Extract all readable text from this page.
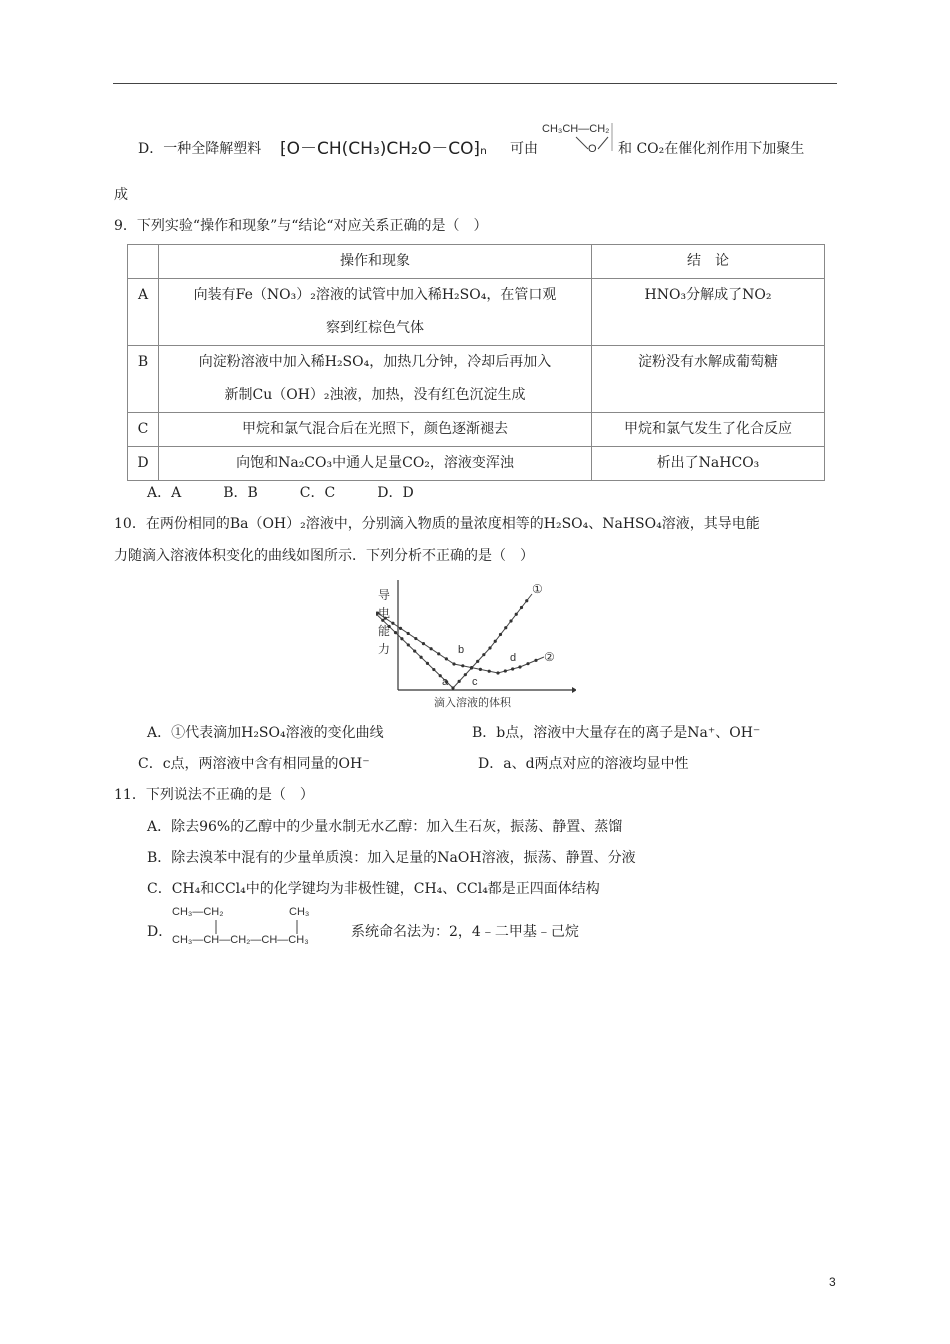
D．一种全降解塑料 ⁅O－CH(CH₃)CH₂O－CO⁆ₙ 可由
CH₃CH—CH₂
O 和 CO₂在催化剂作用下加聚生
成
9．下列实验“操作和现象”与“结论“对应关系正确的是（　）
	操作和现象	结　论
A	向装有Fe（NO₃）₂溶液的试管中加入稀H₂SO₄，在管口观
察到红棕色气体	HNO₃分解成了NO₂
B	向淀粉溶液中加入稀H₂SO₄，加热几分钟，冷却后再加入
新制Cu（OH）₂浊液，加热，没有红色沉淀生成	淀粉没有水解成葡萄糖
C	甲烷和氯气混合后在光照下，颜色逐渐褪去	甲烷和氯气发生了化合反应
D	向饱和Na₂CO₃中通人足量CO₂，溶液变浑浊	析出了NaHCO₃
A．A　　　B．B　　　C．C　　　D．D
10．在两份相同的Ba（OH）₂溶液中，分别滴入物质的量浓度相等的H₂SO₄、NaHSO₄溶液，其导电能
力随滴入溶液体积变化的曲线如图所示．下列分析不正确的是（　）
导
电
能
力
滴入溶液的体积
①
②
a
b
c
d
A．①代表滴加H₂SO₄溶液的变化曲线	B．b点，溶液中大量存在的离子是Na⁺、OH⁻
C．c点，两溶液中含有相同量的OH⁻	D．a、d两点对应的溶液均显中性
11．下列说法不正确的是（　）
A．除去96%的乙醇中的少量水制无水乙醇：加入生石灰，振荡、静置、蒸馏
B．除去溴苯中混有的少量单质溴：加入足量的NaOH溶液，振荡、静置、分液
C．CH₄和CCl₄中的化学键均为非极性键，CH₄、CCl₄都是正四面体结构
D．
CH₃—CH₂	CH₃
CH₃—CH—CH₂—CH—CH₃	系统命名法为：2，4﹣二甲基﹣己烷
3
